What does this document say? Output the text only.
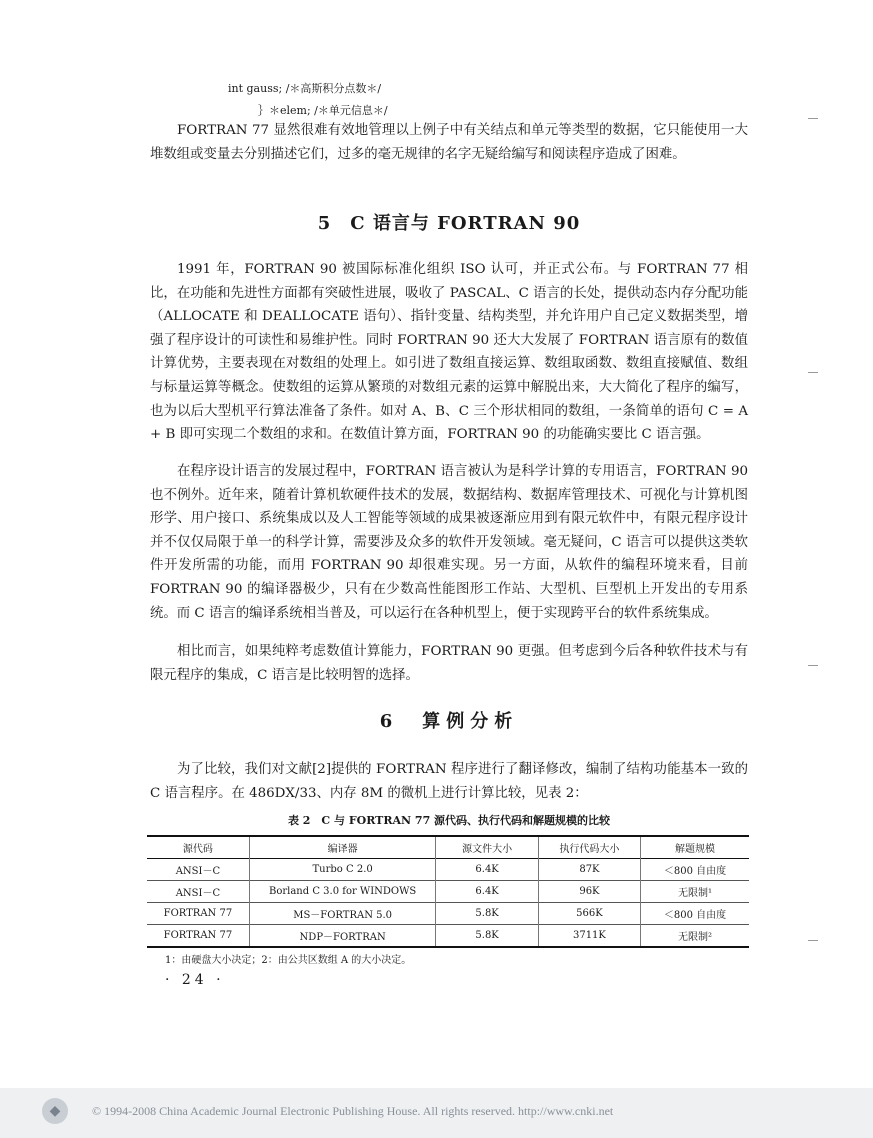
int gauss; /＊高斯积分点数＊/
｝＊elem; /＊单元信息＊/

FORTRAN 77 显然很难有效地管理以上例子中有关结点和单元等类型的数据，它只能使用一大堆数组或变量去分别描述它们，过多的毫无规律的名字无疑给编写和阅读程序造成了困难。

5　C 语言与 FORTRAN 90

1991 年，FORTRAN 90 被国际标准化组织 ISO 认可，并正式公布。与 FORTRAN 77 相比，在功能和先进性方面都有突破性进展，吸收了 PASCAL、C 语言的长处，提供动态内存分配功能（ALLOCATE 和 DEALLOCATE 语句）、指针变量、结构类型，并允许用户自己定义数据类型，增强了程序设计的可读性和易维护性。同时 FORTRAN 90 还大大发展了 FORTRAN 语言原有的数值计算优势，主要表现在对数组的处理上。如引进了数组直接运算、数组取函数、数组直接赋值、数组与标量运算等概念。使数组的运算从繁琐的对数组元素的运算中解脱出来，大大简化了程序的编写，也为以后大型机平行算法准备了条件。如对 A、B、C 三个形状相同的数组，一条简单的语句 C = A + B 即可实现二个数组的求和。在数值计算方面，FORTRAN 90 的功能确实要比 C 语言强。

在程序设计语言的发展过程中，FORTRAN 语言被认为是科学计算的专用语言，FORTRAN 90 也不例外。近年来，随着计算机软硬件技术的发展，数据结构、数据库管理技术、可视化与计算机图形学、用户接口、系统集成以及人工智能等领域的成果被逐渐应用到有限元软件中，有限元程序设计并不仅仅局限于单一的科学计算，需要涉及众多的软件开发领域。毫无疑问，C 语言可以提供这类软件开发所需的功能，而用 FORTRAN 90 却很难实现。另一方面，从软件的编程环境来看，目前 FORTRAN 90 的编译器极少，只有在少数高性能图形工作站、大型机、巨型机上开发出的专用系统。而 C 语言的编译系统相当普及，可以运行在各种机型上，便于实现跨平台的软件系统集成。

相比而言，如果纯粹考虑数值计算能力，FORTRAN 90 更强。但考虑到今后各种软件技术与有限元程序的集成，C 语言是比较明智的选择。

6　算例分析

为了比较，我们对文献[2]提供的 FORTRAN 程序进行了翻译修改，编制了结构功能基本一致的 C 语言程序。在 486DX/33、内存 8M 的微机上进行计算比较，见表 2：

表 2　C 与 FORTRAN 77 源代码、执行代码和解题规模的比较
源代码	编译器	源文件大小	执行代码大小	解题规模
ANSI－C	Turbo C 2.0	6.4K	87K	＜800 自由度
ANSI－C	Borland C 3.0 for WINDOWS	6.4K	96K	无限制¹
FORTRAN 77	MS－FORTRAN 5.0	5.8K	566K	＜800 自由度
FORTRAN 77	NDP－FORTRAN	5.8K	3711K	无限制²
1：由硬盘大小决定；2：由公共区数组 A 的大小决定。
· 24 ·
◆	© 1994-2008 China Academic Journal Electronic Publishing House. All rights reserved. http://www.cnki.net
